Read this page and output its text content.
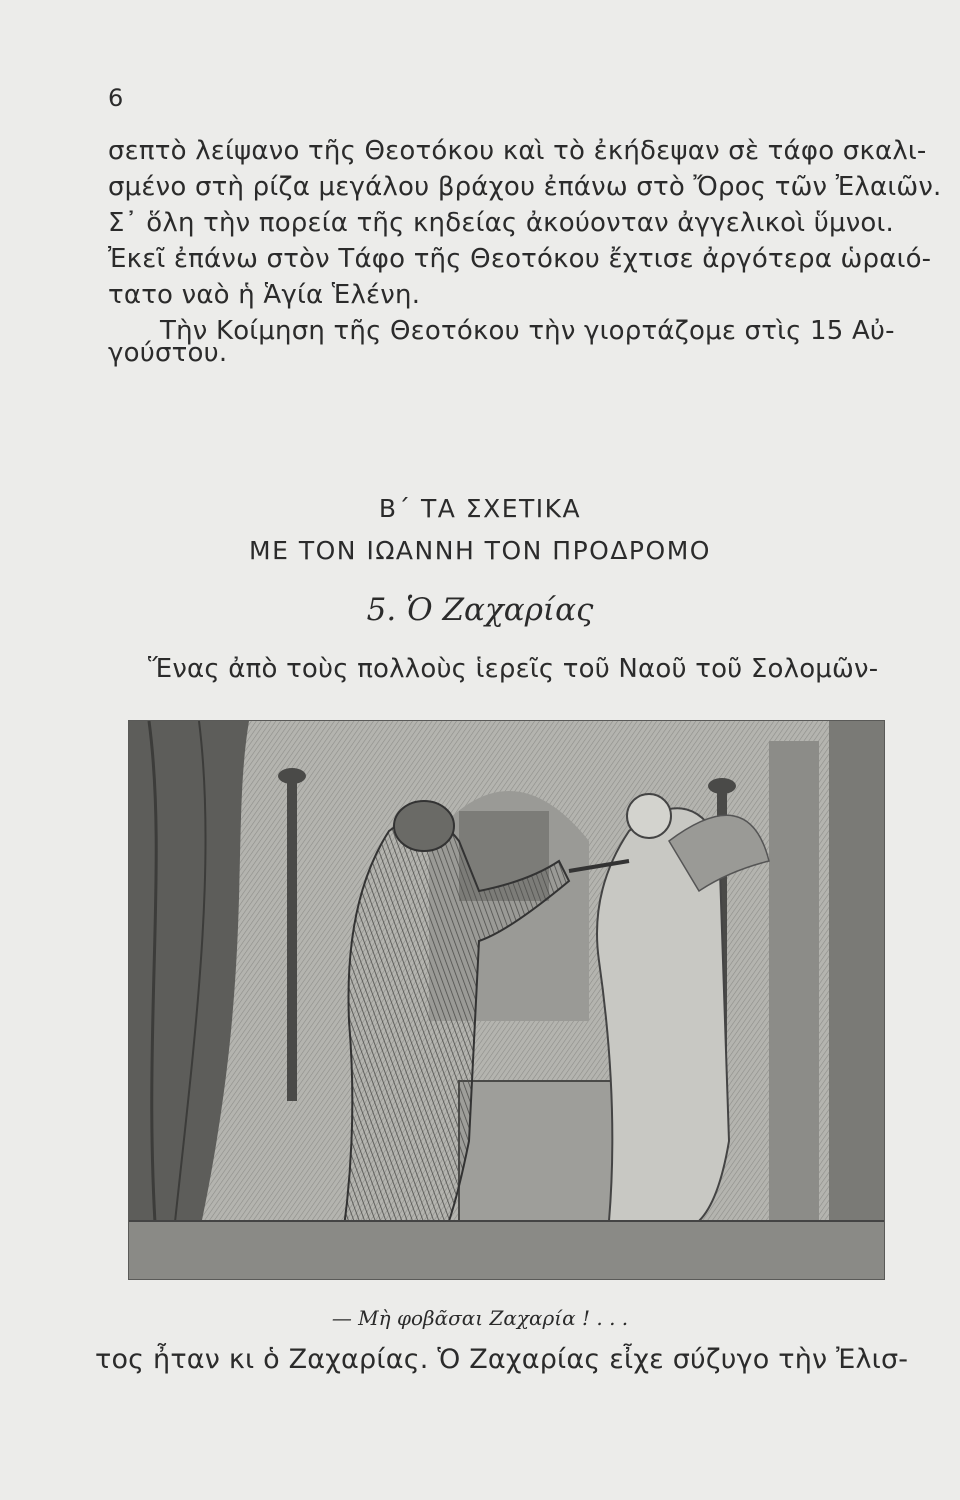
6
σεπτὸ λείψανο τῆς Θεοτόκου καὶ τὸ ἐκήδεψαν σὲ τάφο σκαλι-
σμένο στὴ ρίζα μεγάλου βράχου ἐπάνω στὸ Ὄρος τῶν Ἐλαιῶν.
Σ᾽ ὅλη τὴν πορεία τῆς κηδείας ἀκούονταν ἀγγελικοὶ ὕμνοι.
Ἐκεῖ ἐπάνω στὸν Τάφο τῆς Θεοτόκου ἔχτισε ἀργότερα ὡραιό-
τατο ναὸ ἡ Ἁγία Ἑλένη.
Τὴν Κοίμηση τῆς Θεοτόκου τὴν γιορτάζομε στὶς 15 Αὐ-
γούστου.
Β΄ ΤΑ ΣΧΕΤΙΚΑ
ΜΕ ΤΟΝ ΙΩΑΝΝΗ ΤΟΝ ΠΡΟΔΡΟΜΟ
5. Ὁ Ζαχαρίας
Ἕνας ἀπὸ τοὺς πολλοὺς ἱερεῖς τοῦ Ναοῦ τοῦ Σολομῶν-
— Μὴ φοβᾶσαι Ζαχαρία ! . . .
τος ἦταν κι ὁ Ζαχαρίας. Ὁ Ζαχαρίας εἶχε σύζυγο τὴν Ἐλισ-
